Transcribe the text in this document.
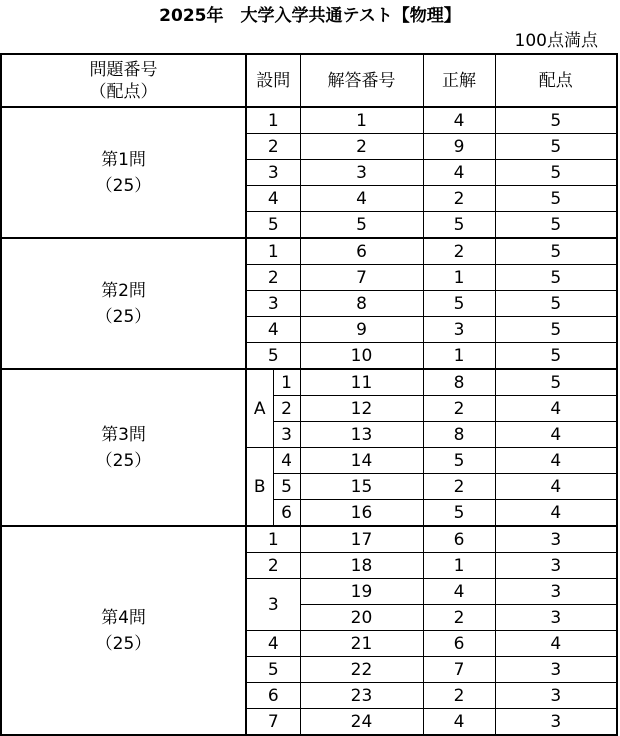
2025年　大学入学共通テスト【物理】
100点満点
問題番号
（配点）	設問		解答番号	正解	配点
第1問
（25）	1		1	4	5
	2		2	9	5
	3		3	4	5
	4		4	2	5
	5		5	5	5
第2問
（25）	1		6	2	5
	2		7	1	5
	3		8	5	5
	4		9	3	5
	5		10	1	5
第3問
（25）	A	1	11	8	5
		2	12	2	4
		3	13	8	4
	B	4	14	5	4
		5	15	2	4
		6	16	5	4
第4問
（25）	1		17	6	3
	2		18	1	3
	3		19	4	3
			20	2	3
	4		21	6	4
	5		22	7	3
	6		23	2	3
	7		24	4	3
